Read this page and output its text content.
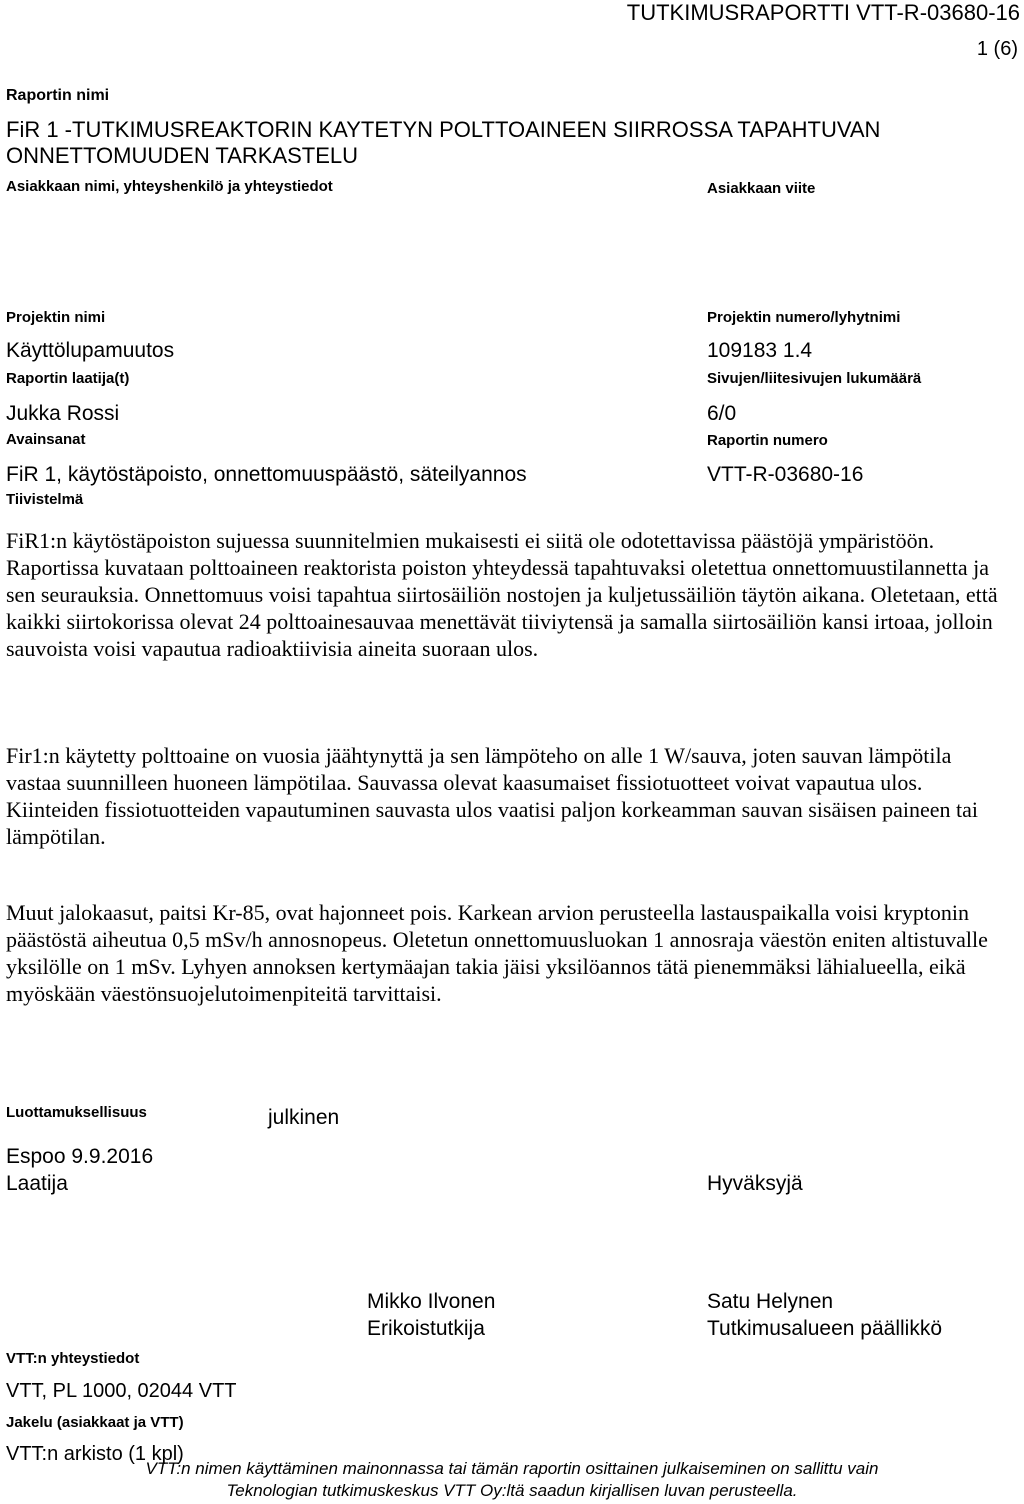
TUTKIMUSRAPORTTI VTT-R-03680-16
1 (6)
Raportin nimi
FiR 1 -TUTKIMUSREAKTORIN KAYTETYN POLTTOAINEEN SIIRROSSA TAPAHTUVAN
ONNETTOMUUDEN TARKASTELU
Asiakkaan nimi, yhteyshenkilö ja yhteystiedot	Asiakkaan viite
Projektin nimi
Käyttölupamuutos
Projektin numero/lyhytnimi
109183 1.4
Raportin laatija(t)
Jukka Rossi
Sivujen/liitesivujen lukumäärä
6/0
Avainsanat
FiR 1, käytöstäpoisto, onnettomuuspäästö, säteilyannos
Raportin numero
VTT-R-03680-16
Tiivistelmä
FiR1:n käytöstäpoiston sujuessa suunnitelmien mukaisesti ei siitä ole odotettavissa päästöjä ympäristöön. Raportissa kuvataan polttoaineen reaktorista poiston yhteydessä tapahtuvaksi oletettua onnettomuustilannetta ja sen seurauksia. Onnettomuus voisi tapahtua siirtosäiliön nostojen ja kuljetussäiliön täytön aikana. Oletetaan, että kaikki siirtokorissa olevat 24 polttoainesauvaa menettävät tiiviytensä ja samalla siirtosäiliön kansi irtoaa, jolloin sauvoista voisi vapautua radioaktiivisia aineita suoraan ulos.
Fir1:n käytetty polttoaine on vuosia jäähtynyttä ja sen lämpöteho on alle 1 W/sauva, joten sauvan lämpötila vastaa suunnilleen huoneen lämpötilaa. Sauvassa olevat kaasumaiset fissiotuotteet voivat vapautua ulos. Kiinteiden fissiotuotteiden vapautuminen sauvasta ulos vaatisi paljon korkeamman sauvan sisäisen paineen tai lämpötilan.
Muut jalokaasut, paitsi Kr-85, ovat hajonneet pois. Karkean arvion perusteella lastauspaikalla voisi kryptonin päästöstä aiheutua 0,5 mSv/h annosnopeus. Oletetun onnettomuusluokan 1 annosraja väestön eniten altistuvalle yksilölle on 1 mSv. Lyhyen annoksen kertymäajan takia jäisi yksilöannos tätä pienemmäksi lähialueella, eikä myöskään väestönsuojelutoimenpiteitä tarvittaisi.
Luottamuksellisuus	julkinen
Espoo 9.9.2016
Laatija	Hyväksyjä
Mikko Ilvonen
Erikoistutkija
Satu Helynen
Tutkimusalueen päällikkö
VTT:n yhteystiedot
VTT, PL 1000, 02044 VTT
Jakelu (asiakkaat ja VTT)
VTT:n arkisto (1 kpl)
VTT:n nimen käyttäminen mainonnassa tai tämän raportin osittainen julkaiseminen on sallittu vain
Teknologian tutkimuskeskus VTT Oy:ltä saadun kirjallisen luvan perusteella.
